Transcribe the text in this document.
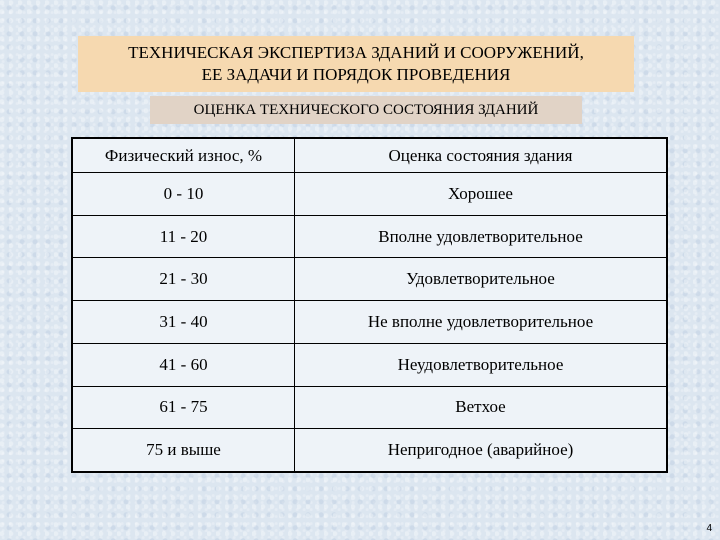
ТЕХНИЧЕСКАЯ ЭКСПЕРТИЗА ЗДАНИЙ И СООРУЖЕНИЙ,
ЕЕ ЗАДАЧИ И ПОРЯДОК ПРОВЕДЕНИЯ
ОЦЕНКА ТЕХНИЧЕСКОГО СОСТОЯНИЯ ЗДАНИЙ
Физический износ, %	Оценка состояния здания
0 - 10	Хорошее
11 - 20	Вполне удовлетворительное
21 - 30	Удовлетворительное
31 - 40	Не вполне удовлетворительное
41 - 60	Неудовлетворительное
61 - 75	Ветхое
75 и выше	Непригодное (аварийное)
4
